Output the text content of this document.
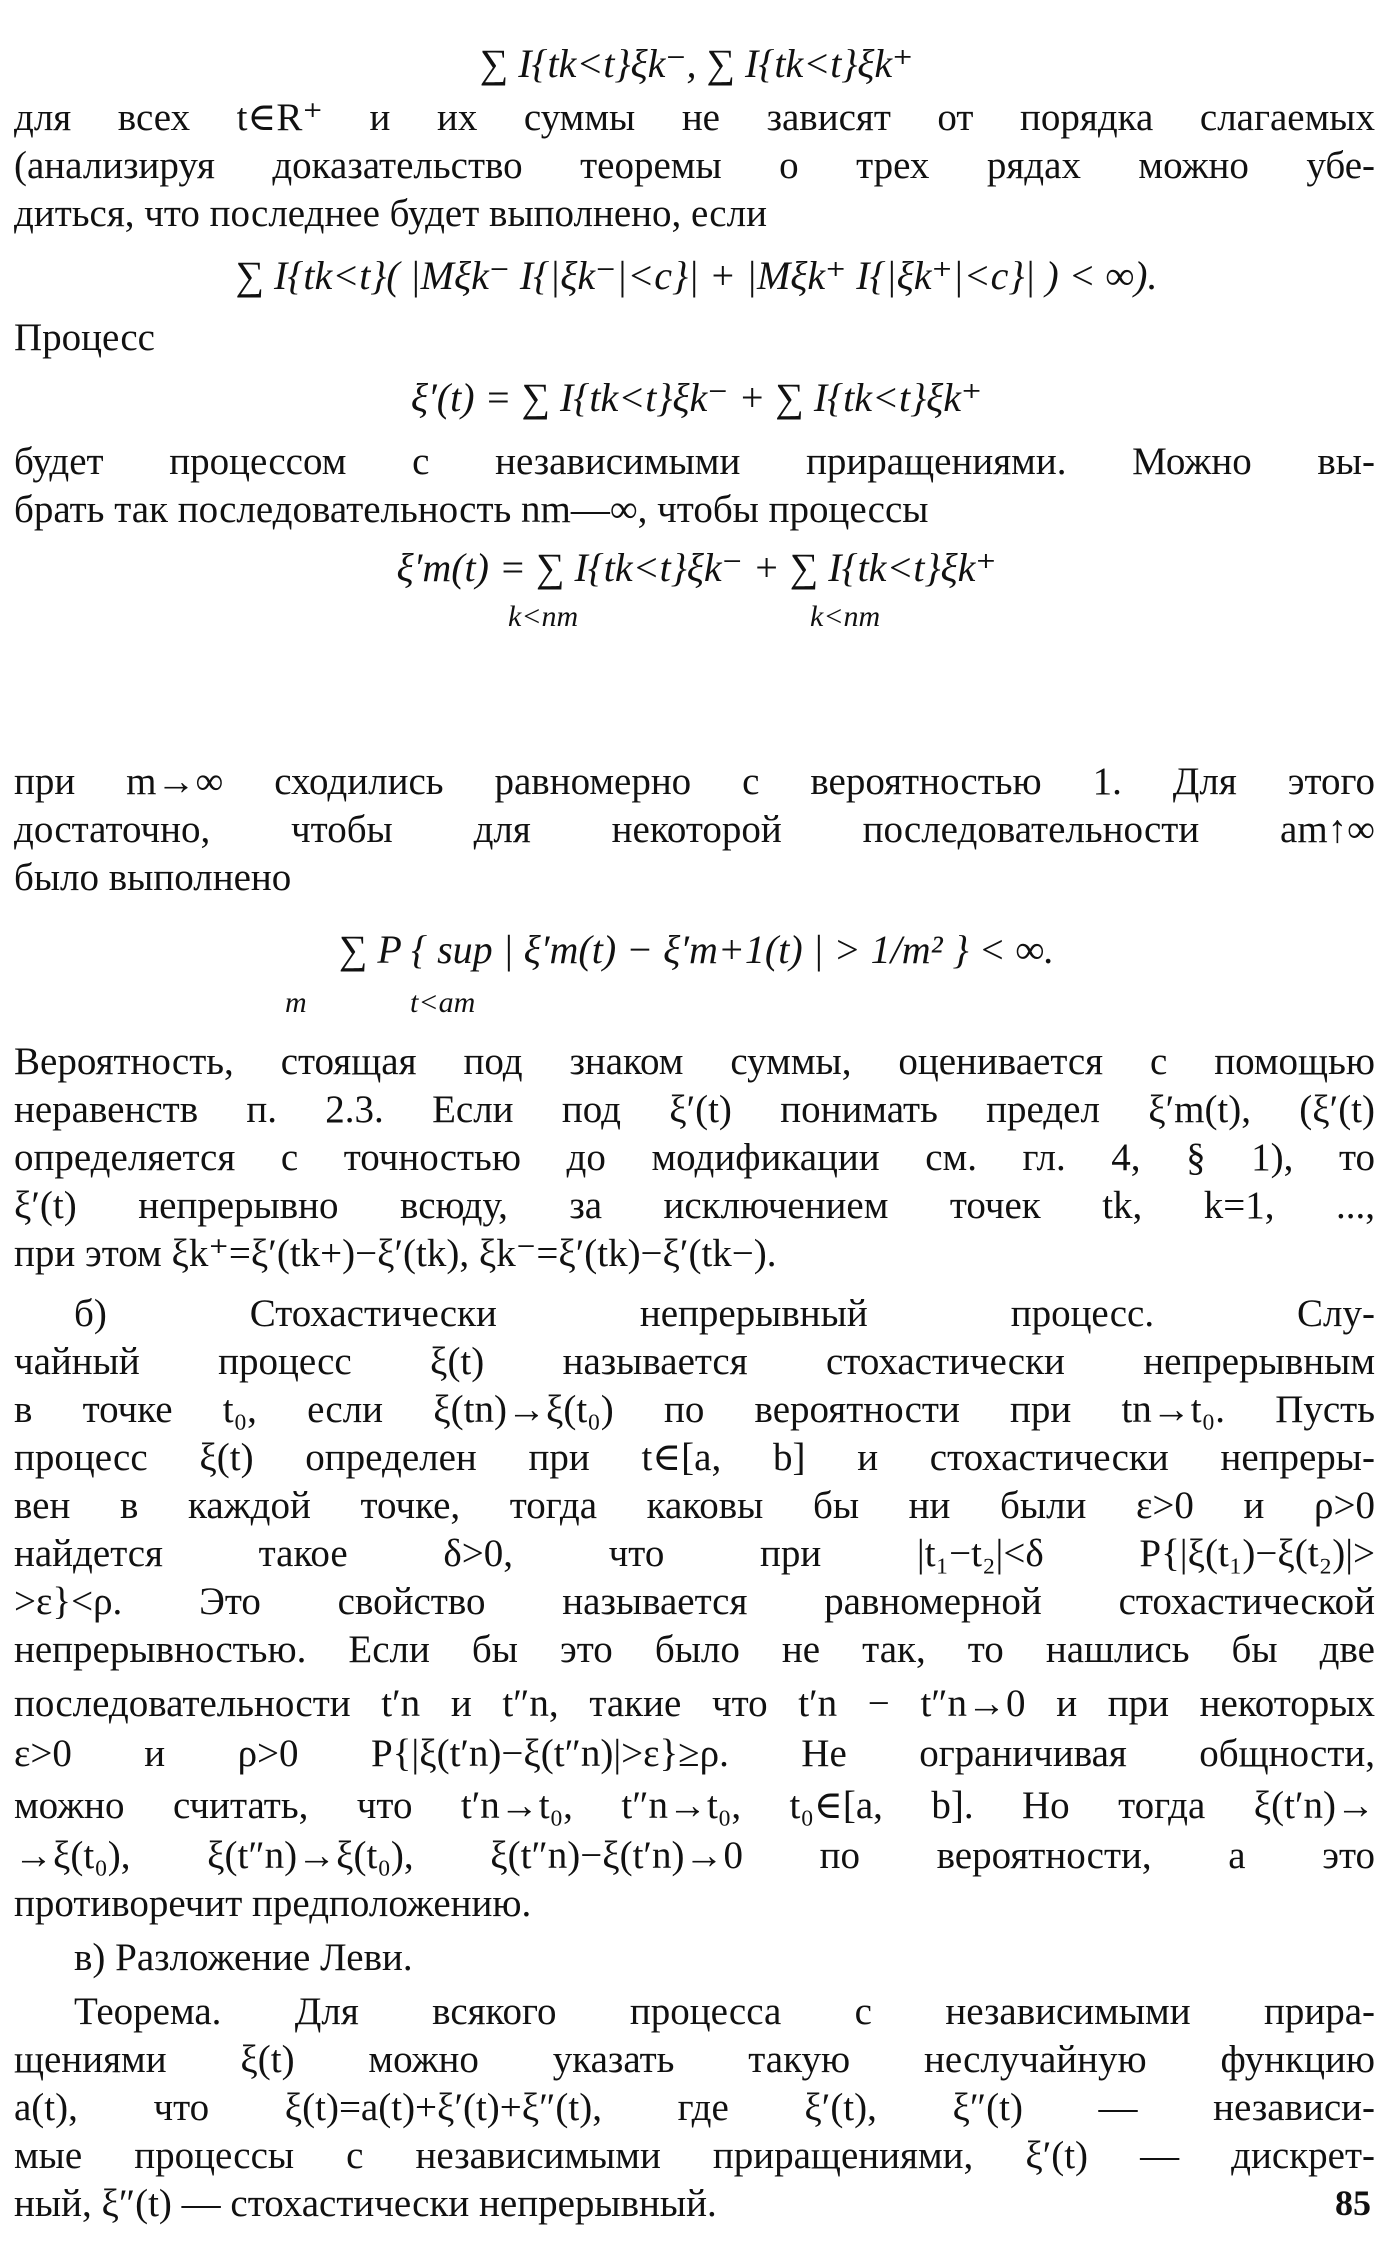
∑ I{tk<t}ξk⁻, ∑ I{tk<t}ξk⁺
для всех t∈R⁺ и их суммы не зависят от порядка слагаемых
(анализируя доказательство теоремы о трех рядах можно убе-
диться, что последнее будет выполнено, если
∑ I{tk<t}( |Mξk⁻ I{|ξk⁻|<c}| + |Mξk⁺ I{|ξk⁺|<c}| ) < ∞).
Процесс
ξ′(t) = ∑ I{tk<t}ξk⁻ + ∑ I{tk<t}ξk⁺
будет процессом с независимыми приращениями. Можно вы-
брать так последовательность nm—∞, чтобы процессы
ξ′m(t) = ∑ I{tk<t}ξk⁻ + ∑ I{tk<t}ξk⁺
k<nm	k<nm
при m→∞ сходились равномерно с вероятностью 1. Для этого
достаточно, чтобы для некоторой последовательности am↑∞
было выполнено
∑ P { sup | ξ′m(t) − ξ′m+1(t) | > 1/m² } < ∞.
m	t<am
Вероятность, стоящая под знаком суммы, оценивается с помощью
неравенств п. 2.3. Если под ξ′(t) понимать предел ξ′m(t), (ξ′(t)
определяется с точностью до модификации см. гл. 4, § 1), то
ξ′(t) непрерывно всюду, за исключением точек tk, k=1, ...,
при этом ξk⁺=ξ′(tk+)−ξ′(tk), ξk⁻=ξ′(tk)−ξ′(tk−).
б) Стохастически непрерывный процесс. Слу-
чайный процесс ξ(t) называется стохастически непрерывным
в точке t₀, если ξ(tn)→ξ(t₀) по вероятности при tn→t₀. Пусть
процесс ξ(t) определен при t∈[a, b] и стохастически непреры-
вен в каждой точке, тогда каковы бы ни были ε>0 и ρ>0
найдется такое δ>0, что при |t₁−t₂|<δ P{|ξ(t₁)−ξ(t₂)|>
>ε}<ρ. Это свойство называется равномерной стохастической
непрерывностью. Если бы это было не так, то нашлись бы две
последовательности t′n и t″n, такие что t′n − t″n→0 и при некоторых
ε>0 и ρ>0 P{|ξ(t′n)−ξ(t″n)|>ε}≥ρ. Не ограничивая общности,
можно считать, что t′n→t₀, t″n→t₀, t₀∈[a, b]. Но тогда ξ(t′n)→
→ξ(t₀), ξ(t″n)→ξ(t₀), ξ(t″n)−ξ(t′n)→0 по вероятности, а это
противоречит предположению.
в) Разложение Леви.
Теорема. Для всякого процесса с независимыми прира-
щениями ξ(t) можно указать такую неслучайную функцию
a(t), что ξ(t)=a(t)+ξ′(t)+ξ″(t), где ξ′(t), ξ″(t) — независи-
мые процессы с независимыми приращениями, ξ′(t) — дискрет-
ный, ξ″(t) — стохастически непрерывный.	85
